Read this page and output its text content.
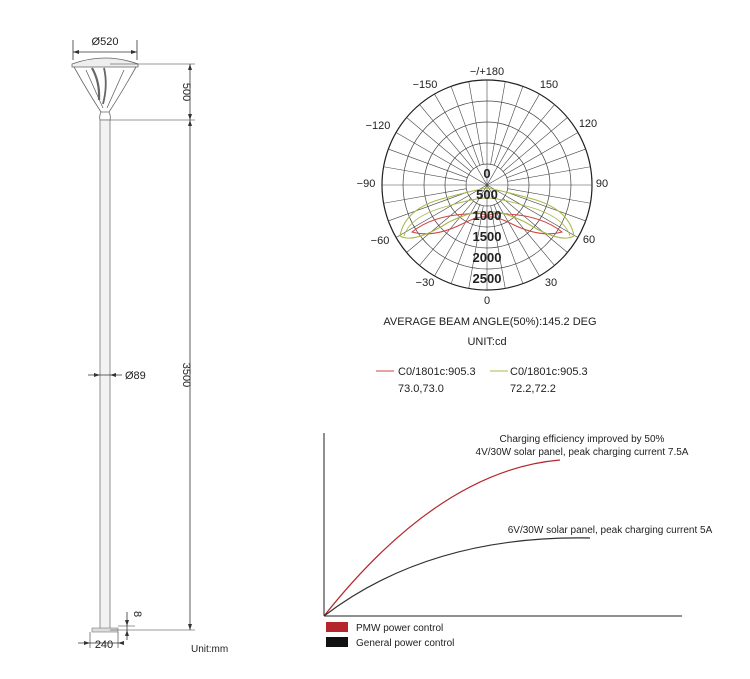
Ø520
500
3500
Ø89
8
240	Unit:mm
−/+180
−150	150
−120	120
−90	90
−60	60
−30	30
0
0
500
1000
1500
2000
2500
AVERAGE BEAM ANGLE(50%):145.2 DEG
UNIT:cd
C0/1801c:905.3
73.0,73.0
C0/1801c:905.3
72.2,72.2
Charging efficiency improved by 50%
4V/30W solar panel, peak charging current 7.5A
6V/30W solar panel, peak charging current 5A
PMW power control
General power control
